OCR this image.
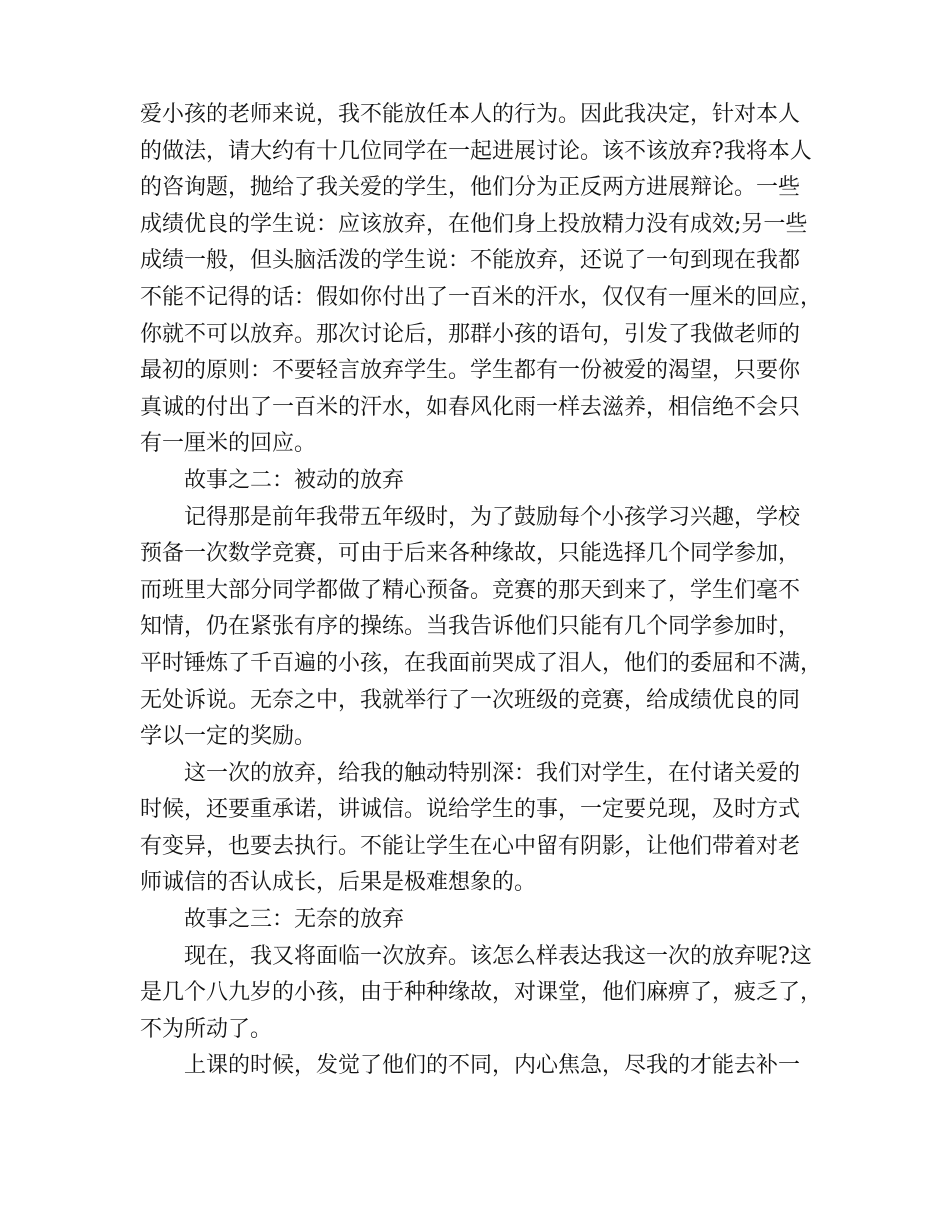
爱小孩的老师来说，我不能放任本人的行为。因此我决定，针对本人
的做法，请大约有十几位同学在一起进展讨论。该不该放弃?我将本人
的咨询题，抛给了我关爱的学生，他们分为正反两方进展辩论。一些
成绩优良的学生说：应该放弃，在他们身上投放精力没有成效;另一些
成绩一般，但头脑活泼的学生说：不能放弃，还说了一句到现在我都
不能不记得的话：假如你付出了一百米的汗水，仅仅有一厘米的回应，
你就不可以放弃。那次讨论后，那群小孩的语句，引发了我做老师的
最初的原则：不要轻言放弃学生。学生都有一份被爱的渴望，只要你
真诚的付出了一百米的汗水，如春风化雨一样去滋养，相信绝不会只
有一厘米的回应。
故事之二：被动的放弃
记得那是前年我带五年级时，为了鼓励每个小孩学习兴趣，学校
预备一次数学竞赛，可由于后来各种缘故，只能选择几个同学参加，
而班里大部分同学都做了精心预备。竞赛的那天到来了，学生们毫不
知情，仍在紧张有序的操练。当我告诉他们只能有几个同学参加时，
平时锤炼了千百遍的小孩，在我面前哭成了泪人，他们的委屈和不满，
无处诉说。无奈之中，我就举行了一次班级的竞赛，给成绩优良的同
学以一定的奖励。
这一次的放弃，给我的触动特别深：我们对学生，在付诸关爱的
时候，还要重承诺，讲诚信。说给学生的事，一定要兑现，及时方式
有变异，也要去执行。不能让学生在心中留有阴影，让他们带着对老
师诚信的否认成长，后果是极难想象的。
故事之三：无奈的放弃
现在，我又将面临一次放弃。该怎么样表达我这一次的放弃呢?这
是几个八九岁的小孩，由于种种缘故，对课堂，他们麻痹了，疲乏了，
不为所动了。
上课的时候，发觉了他们的不同，内心焦急，尽我的才能去补一
